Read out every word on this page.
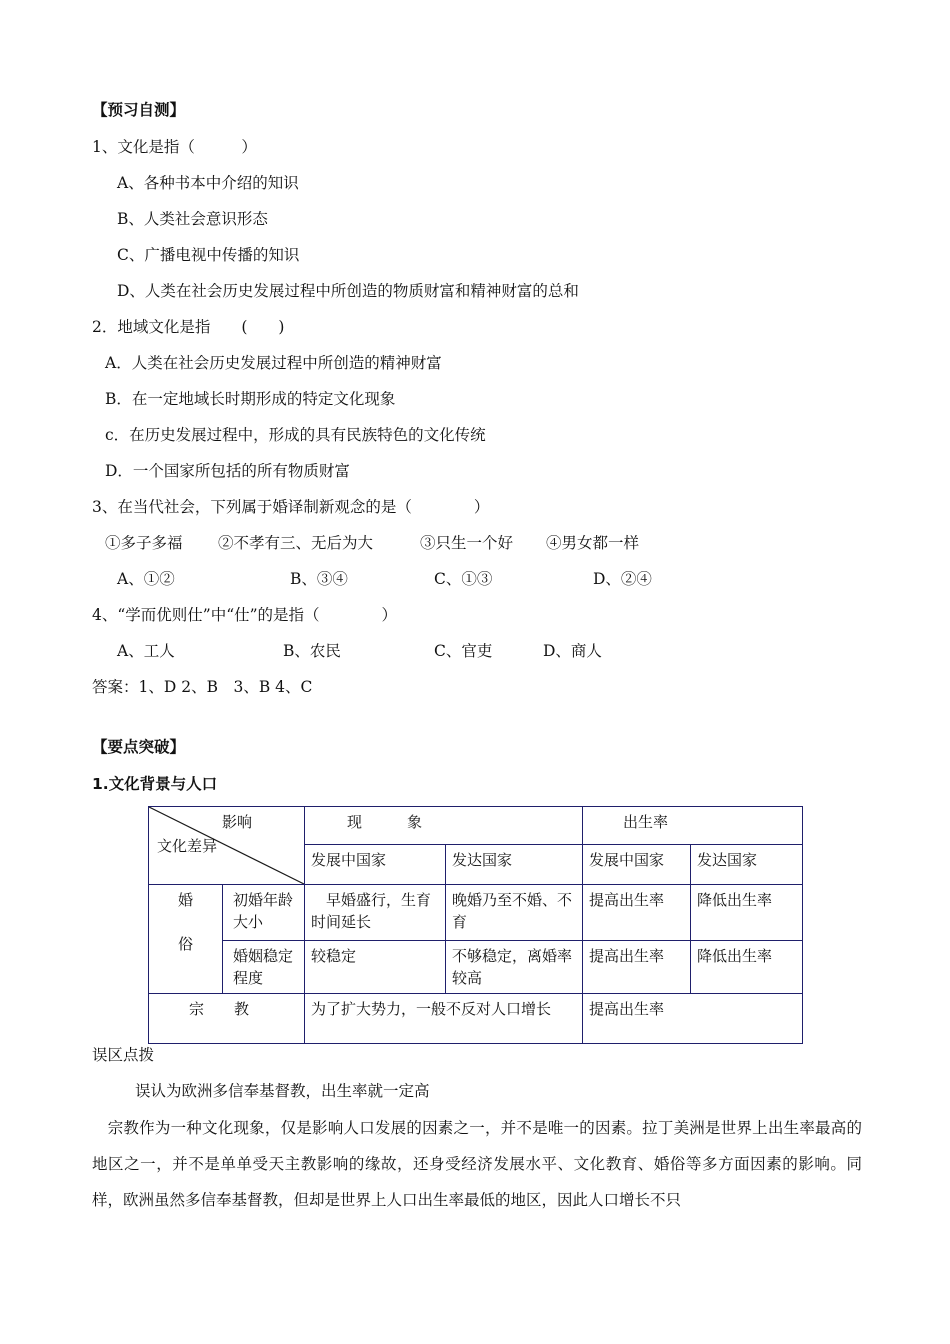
【预习自测】
1、文化是指（　　　）
A、各种书本中介绍的知识
B、人类社会意识形态
C、广播电视中传播的知识
D、人类在社会历史发展过程中所创造的物质财富和精神财富的总和
2．地域文化是指　　(　　)
A．人类在社会历史发展过程中所创造的精神财富
B．在一定地域长时期形成的特定文化现象
c．在历史发展过程中，形成的具有民族特色的文化传统
D．一个国家所包括的所有物质财富
3、在当代社会，下列属于婚译制新观念的是（　　　　）
①多子多福 ②不孝有三、无后为大	③只生一个好 ④男女都一样
A、①②	B、③④	C、①③	D、②④
4、“学而优则仕”中“仕”的是指（　　　　）
A、工人	B、农民	C、官吏	D、商人
答案：1、D 2、B　3、B 4、C
【要点突破】
1.文化背景与人口
影响
文化差异		现　　　象		出生率	
		发展中国家	发达国家	发展中国家	发达国家

婚
俗	初婚年龄大小	　早婚盛行，生育时间延长	晚婚乃至不婚、不育	提高出生率	降低出生率
	婚姻稳定程度	较稳定	不够稳定，离婚率较高	提高出生率	降低出生率
宗　　教		为了扩大势力，一般不反对人口增长		提高出生率	
误区点拨
误认为欧洲多信奉基督教，出生率就一定高
　宗教作为一种文化现象，仅是影响人口发展的因素之一，并不是唯一的因素。拉丁美洲是世界上出生率最高的地区之一，并不是单单受天主教影响的缘故，还身受经济发展水平、文化教育、婚俗等多方面因素的影响。同样，欧洲虽然多信奉基督教，但却是世界上人口出生率最低的地区，因此人口增长不只
